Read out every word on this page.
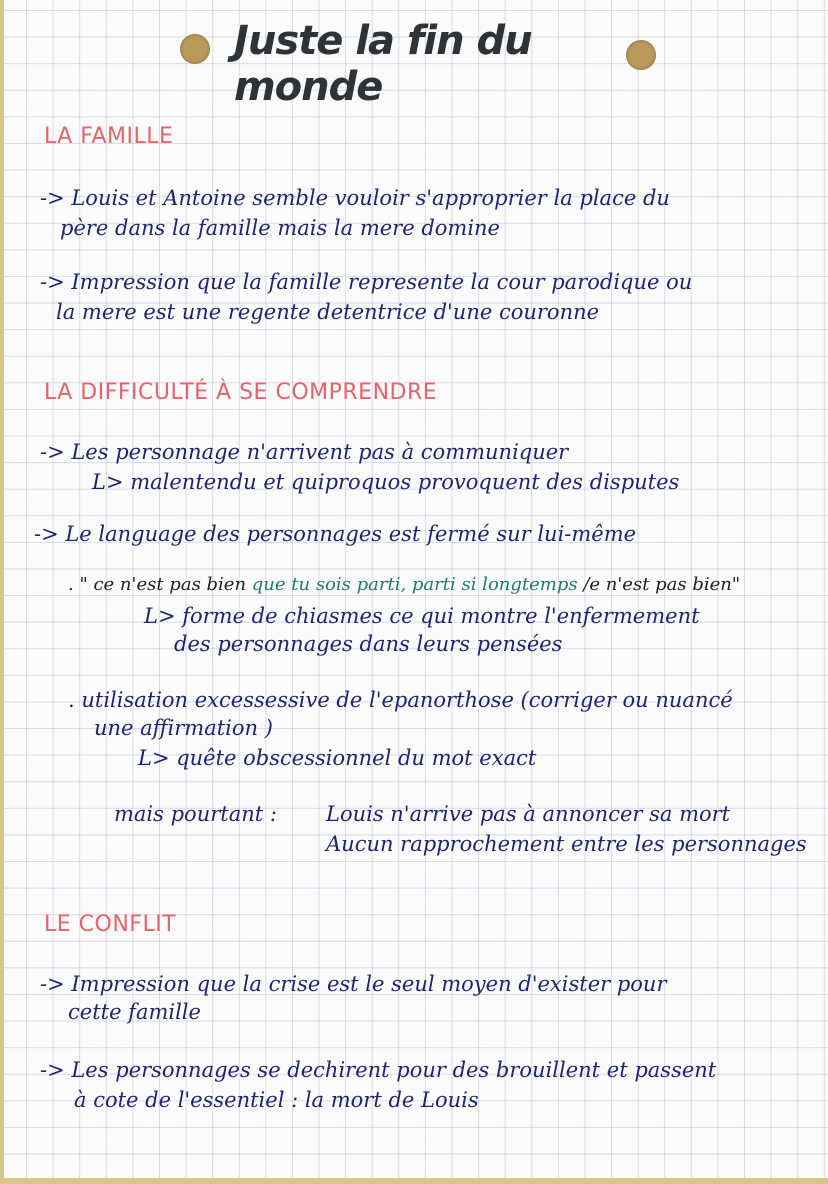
Juste la fin du monde
LA FAMILLE
-> Louis et Antoine semble vouloir s'approprier la place du
père dans la famille mais la mere domine
-> Impression que la famille represente la cour parodique ou
la mere est une regente detentrice d'une couronne
LA DIFFICULTÉ À SE COMPRENDRE
-> Les personnage n'arrivent pas à communiquer
L> malentendu et quiproquos provoquent des disputes
-> Le language des personnages est fermé sur lui-même
. " ce n'est pas bien que tu sois parti, parti si longtemps /e n'est pas bien"
L> forme de chiasmes ce qui montre l'enfermement
des personnages dans leurs pensées
. utilisation excessessive de l'epanorthose (corriger ou nuancé
une affirmation )
L> quête obscessionnel du mot exact
mais pourtant : Louis n'arrive pas à annoncer sa mort
Aucun rapprochement entre les personnages
LE CONFLIT
-> Impression que la crise est le seul moyen d'exister pour
cette famille
-> Les personnages se dechirent pour des brouillent et passent
à cote de l'essentiel : la mort de Louis
